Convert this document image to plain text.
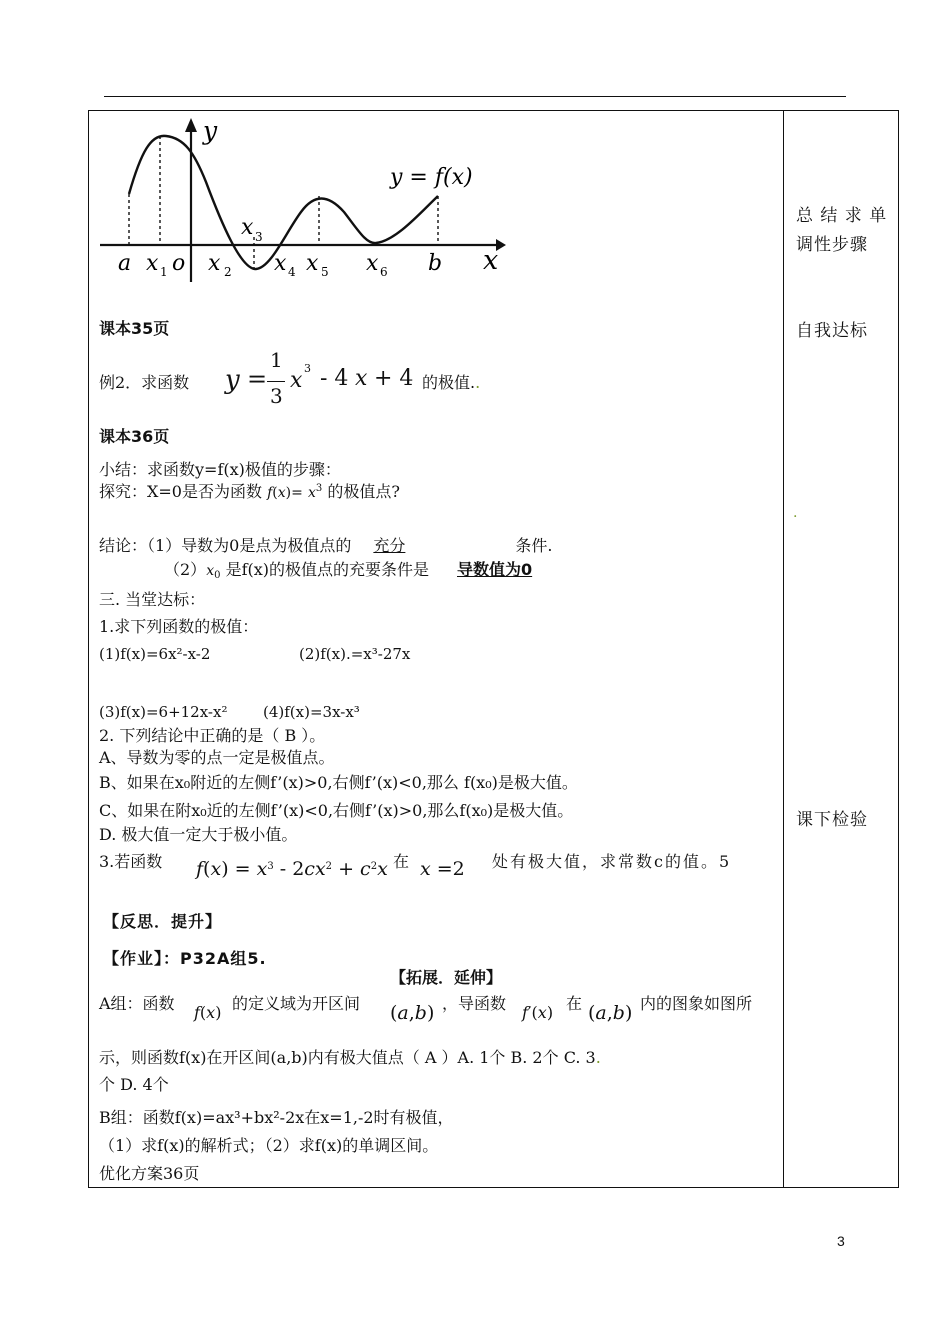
y
x
y = f(x)
a x 1 o x 2
x 3
x 4 x 5 x 6 b
课本35页
例2．求函数 y =
1
3
x 3 - 4 x + 4 的极值..
课本36页
小结：求函数y=f(x)极值的步骤：
探究：X=0是否为函数 $f(x)= x^3$ 的极值点?
结论：（1）导数为0是点为极值点的 充分	条件.
$(2)x_0$ 是f(x)的极值点的充要条件是 导数值为0
三. 当堂达标：
1.求下列函数的极值：
(1)f(x)=6x²-x-2	(2)f(x).=x³-27x
(3)f(x)=6+12x-x² (4)f(x)=3x-x³
2. 下列结论中正确的是（ B ）。
A、导数为零的点一定是极值点。
B、如果在x₀附近的左侧f’(x)>0,右侧f’(x)<0,那么 f(x₀)是极大值。
C、如果在附x₀近的左侧f’(x)<0,右侧f’(x)>0,那么f(x₀)是极大值。
D. 极大值一定大于极小值。
3.若函数 $f(x) = x^3 - 2cx^2 + c^2x$ 在 x =2 处有极大值，求常数c的值。5
【反思．提升】
【作业】：P32A组5.
【拓展．延伸】
A组：函数 f(x) 的定义域为开区间 (a,b) ，导函数 f′(x) 在 (a,b) 内的图象如图所
示，则函数f(x)在开区间(a,b)内有极大值点（ A ）A. 1个 B. 2个 C. 3.
个 D. 4个
B组：函数f(x)=ax³+bx²-2x在x=1,-2时有极值，
（1）求f(x)的解析式；（2）求f(x)的单调区间。
优化方案36页
总 结 求 单
调性步骤
自我达标
.
课下检验
3
